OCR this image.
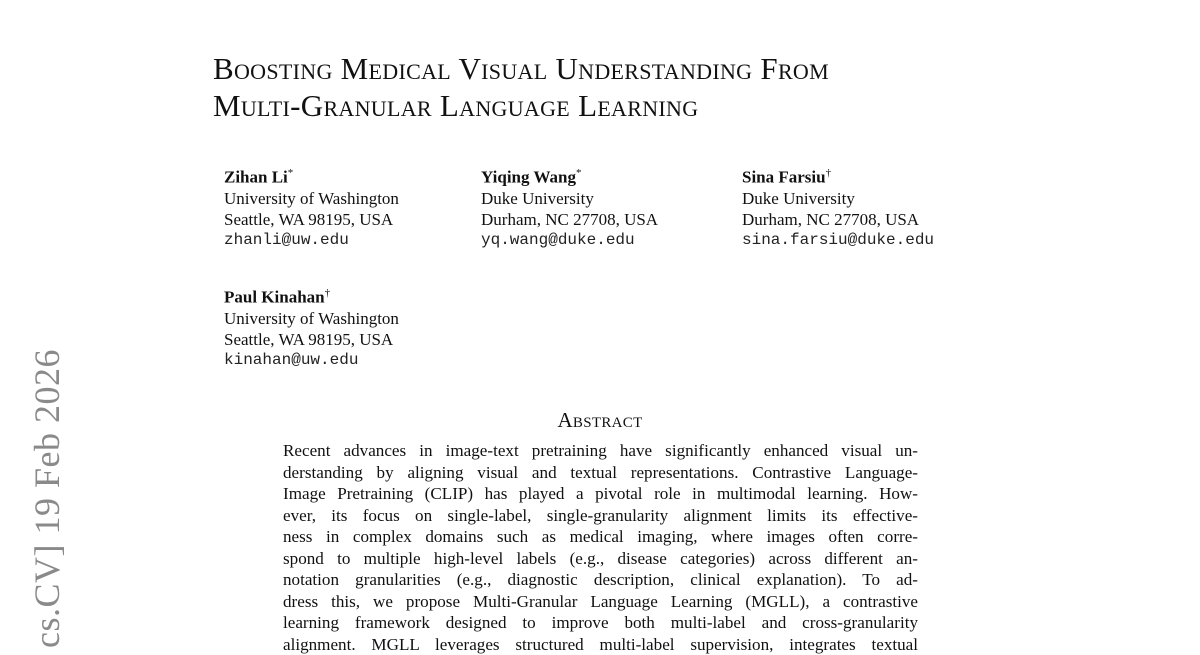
cs.CV] 19 Feb 2026
Boosting Medical Visual Understanding From
Multi-Granular Language Learning
Zihan Li*
University of Washington
Seattle, WA 98195, USA
zhanli@uw.edu
Yiqing Wang*
Duke University
Durham, NC 27708, USA
yq.wang@duke.edu
Sina Farsiu†
Duke University
Durham, NC 27708, USA
sina.farsiu@duke.edu
Paul Kinahan†
University of Washington
Seattle, WA 98195, USA
kinahan@uw.edu
Abstract
Recent advances in image-text pretraining have significantly enhanced visual un-
derstanding by aligning visual and textual representations. Contrastive Language-
Image Pretraining (CLIP) has played a pivotal role in multimodal learning. How-
ever, its focus on single-label, single-granularity alignment limits its effective-
ness in complex domains such as medical imaging, where images often corre-
spond to multiple high-level labels (e.g., disease categories) across different an-
notation granularities (e.g., diagnostic description, clinical explanation). To ad-
dress this, we propose Multi-Granular Language Learning (MGLL), a contrastive
learning framework designed to improve both multi-label and cross-granularity
alignment. MGLL leverages structured multi-label supervision, integrates textual
